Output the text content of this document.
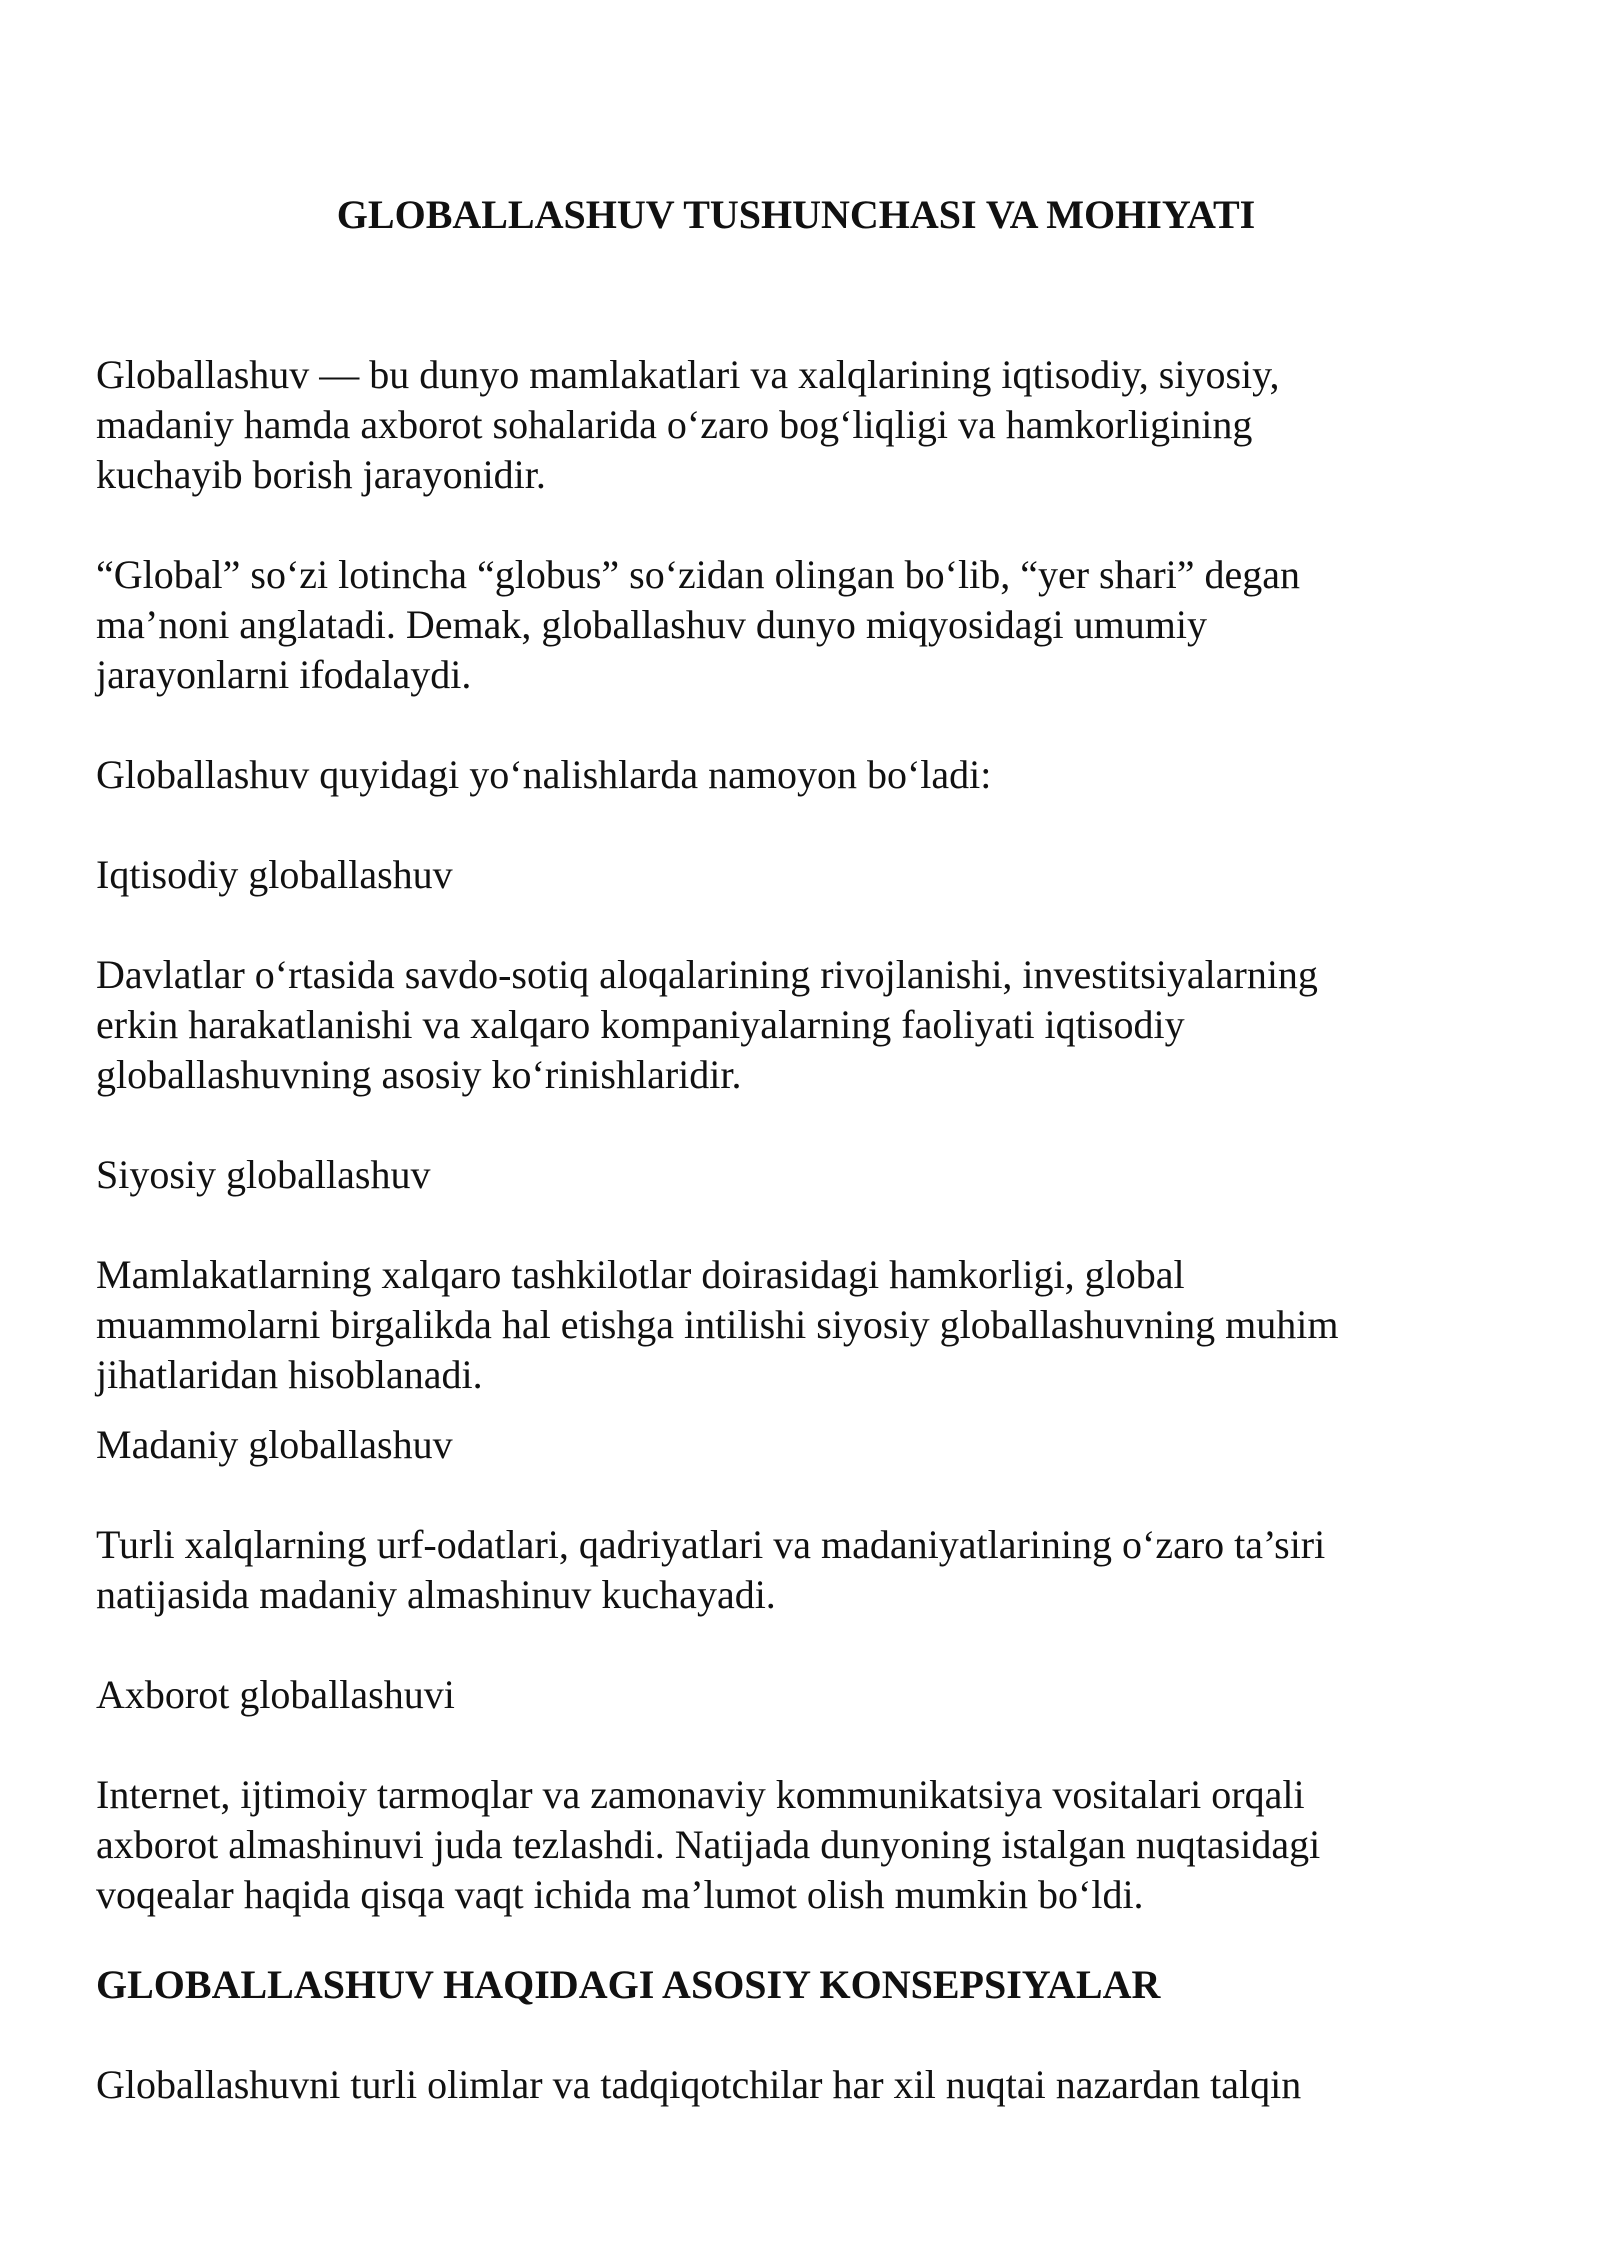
GLOBALLASHUV TUSHUNCHASI VA MOHIYATI
Globallashuv — bu dunyo mamlakatlari va xalqlarining iqtisodiy, siyosiy,
madaniy hamda axborot sohalarida o‘zaro bog‘liqligi va hamkorligining
kuchayib borish jarayonidir.
“Global” so‘zi lotincha “globus” so‘zidan olingan bo‘lib, “yer shari” degan
ma’noni anglatadi. Demak, globallashuv dunyo miqyosidagi umumiy
jarayonlarni ifodalaydi.
Globallashuv quyidagi yo‘nalishlarda namoyon bo‘ladi:
Iqtisodiy globallashuv
Davlatlar o‘rtasida savdo-sotiq aloqalarining rivojlanishi, investitsiyalarning
erkin harakatlanishi va xalqaro kompaniyalarning faoliyati iqtisodiy
globallashuvning asosiy ko‘rinishlaridir.
Siyosiy globallashuv
Mamlakatlarning xalqaro tashkilotlar doirasidagi hamkorligi, global
muammolarni birgalikda hal etishga intilishi siyosiy globallashuvning muhim
jihatlaridan hisoblanadi.
Madaniy globallashuv
Turli xalqlarning urf-odatlari, qadriyatlari va madaniyatlarining o‘zaro ta’siri
natijasida madaniy almashinuv kuchayadi.
Axborot globallashuvi
Internet, ijtimoiy tarmoqlar va zamonaviy kommunikatsiya vositalari orqali
axborot almashinuvi juda tezlashdi. Natijada dunyoning istalgan nuqtasidagi
voqealar haqida qisqa vaqt ichida ma’lumot olish mumkin bo‘ldi.
GLOBALLASHUV HAQIDAGI ASOSIY KONSEPSIYALAR
Globallashuvni turli olimlar va tadqiqotchilar har xil nuqtai nazardan talqin
